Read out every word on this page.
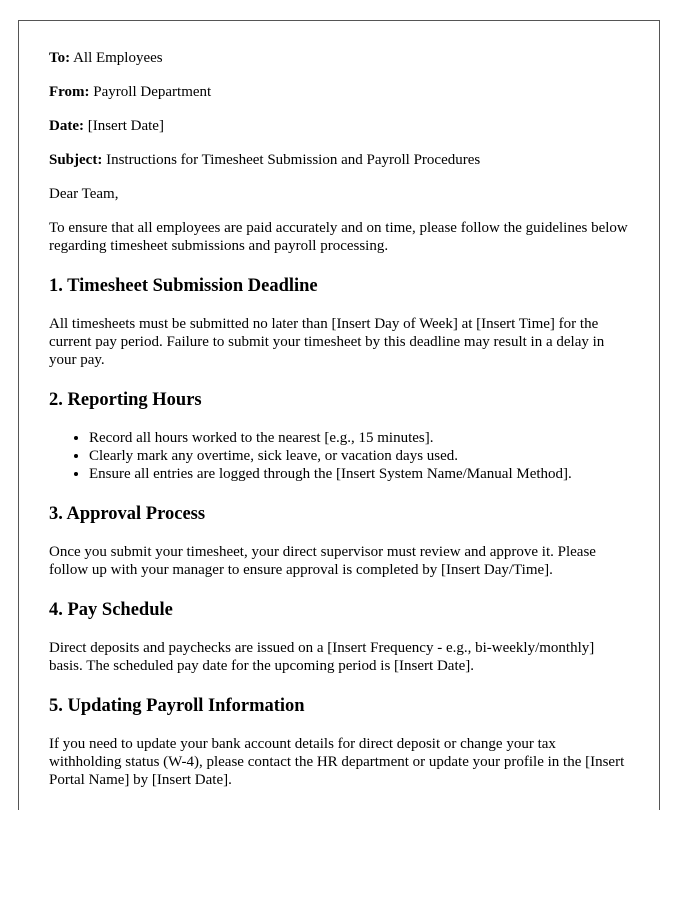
To: All Employees
From: Payroll Department
Date: [Insert Date]
Subject: Instructions for Timesheet Submission and Payroll Procedures

Dear Team,

To ensure that all employees are paid accurately and on time, please follow the guidelines below regarding timesheet submissions and payroll processing.

1. Timesheet Submission Deadline

All timesheets must be submitted no later than [Insert Day of Week] at [Insert Time] for the current pay period. Failure to submit your timesheet by this deadline may result in a delay in your pay.

2. Reporting Hours
• Record all hours worked to the nearest [e.g., 15 minutes].
• Clearly mark any overtime, sick leave, or vacation days used.
• Ensure all entries are logged through the [Insert System Name/Manual Method].
3. Approval Process

Once you submit your timesheet, your direct supervisor must review and approve it. Please follow up with your manager to ensure approval is completed by [Insert Day/Time].

4. Pay Schedule

Direct deposits and paychecks are issued on a [Insert Frequency - e.g., bi-weekly/monthly] basis. The scheduled pay date for the upcoming period is [Insert Date].

5. Updating Payroll Information

If you need to update your bank account details for direct deposit or change your tax withholding status (W-4), please contact the HR department or update your profile in the [Insert Portal Name] by [Insert Date].
